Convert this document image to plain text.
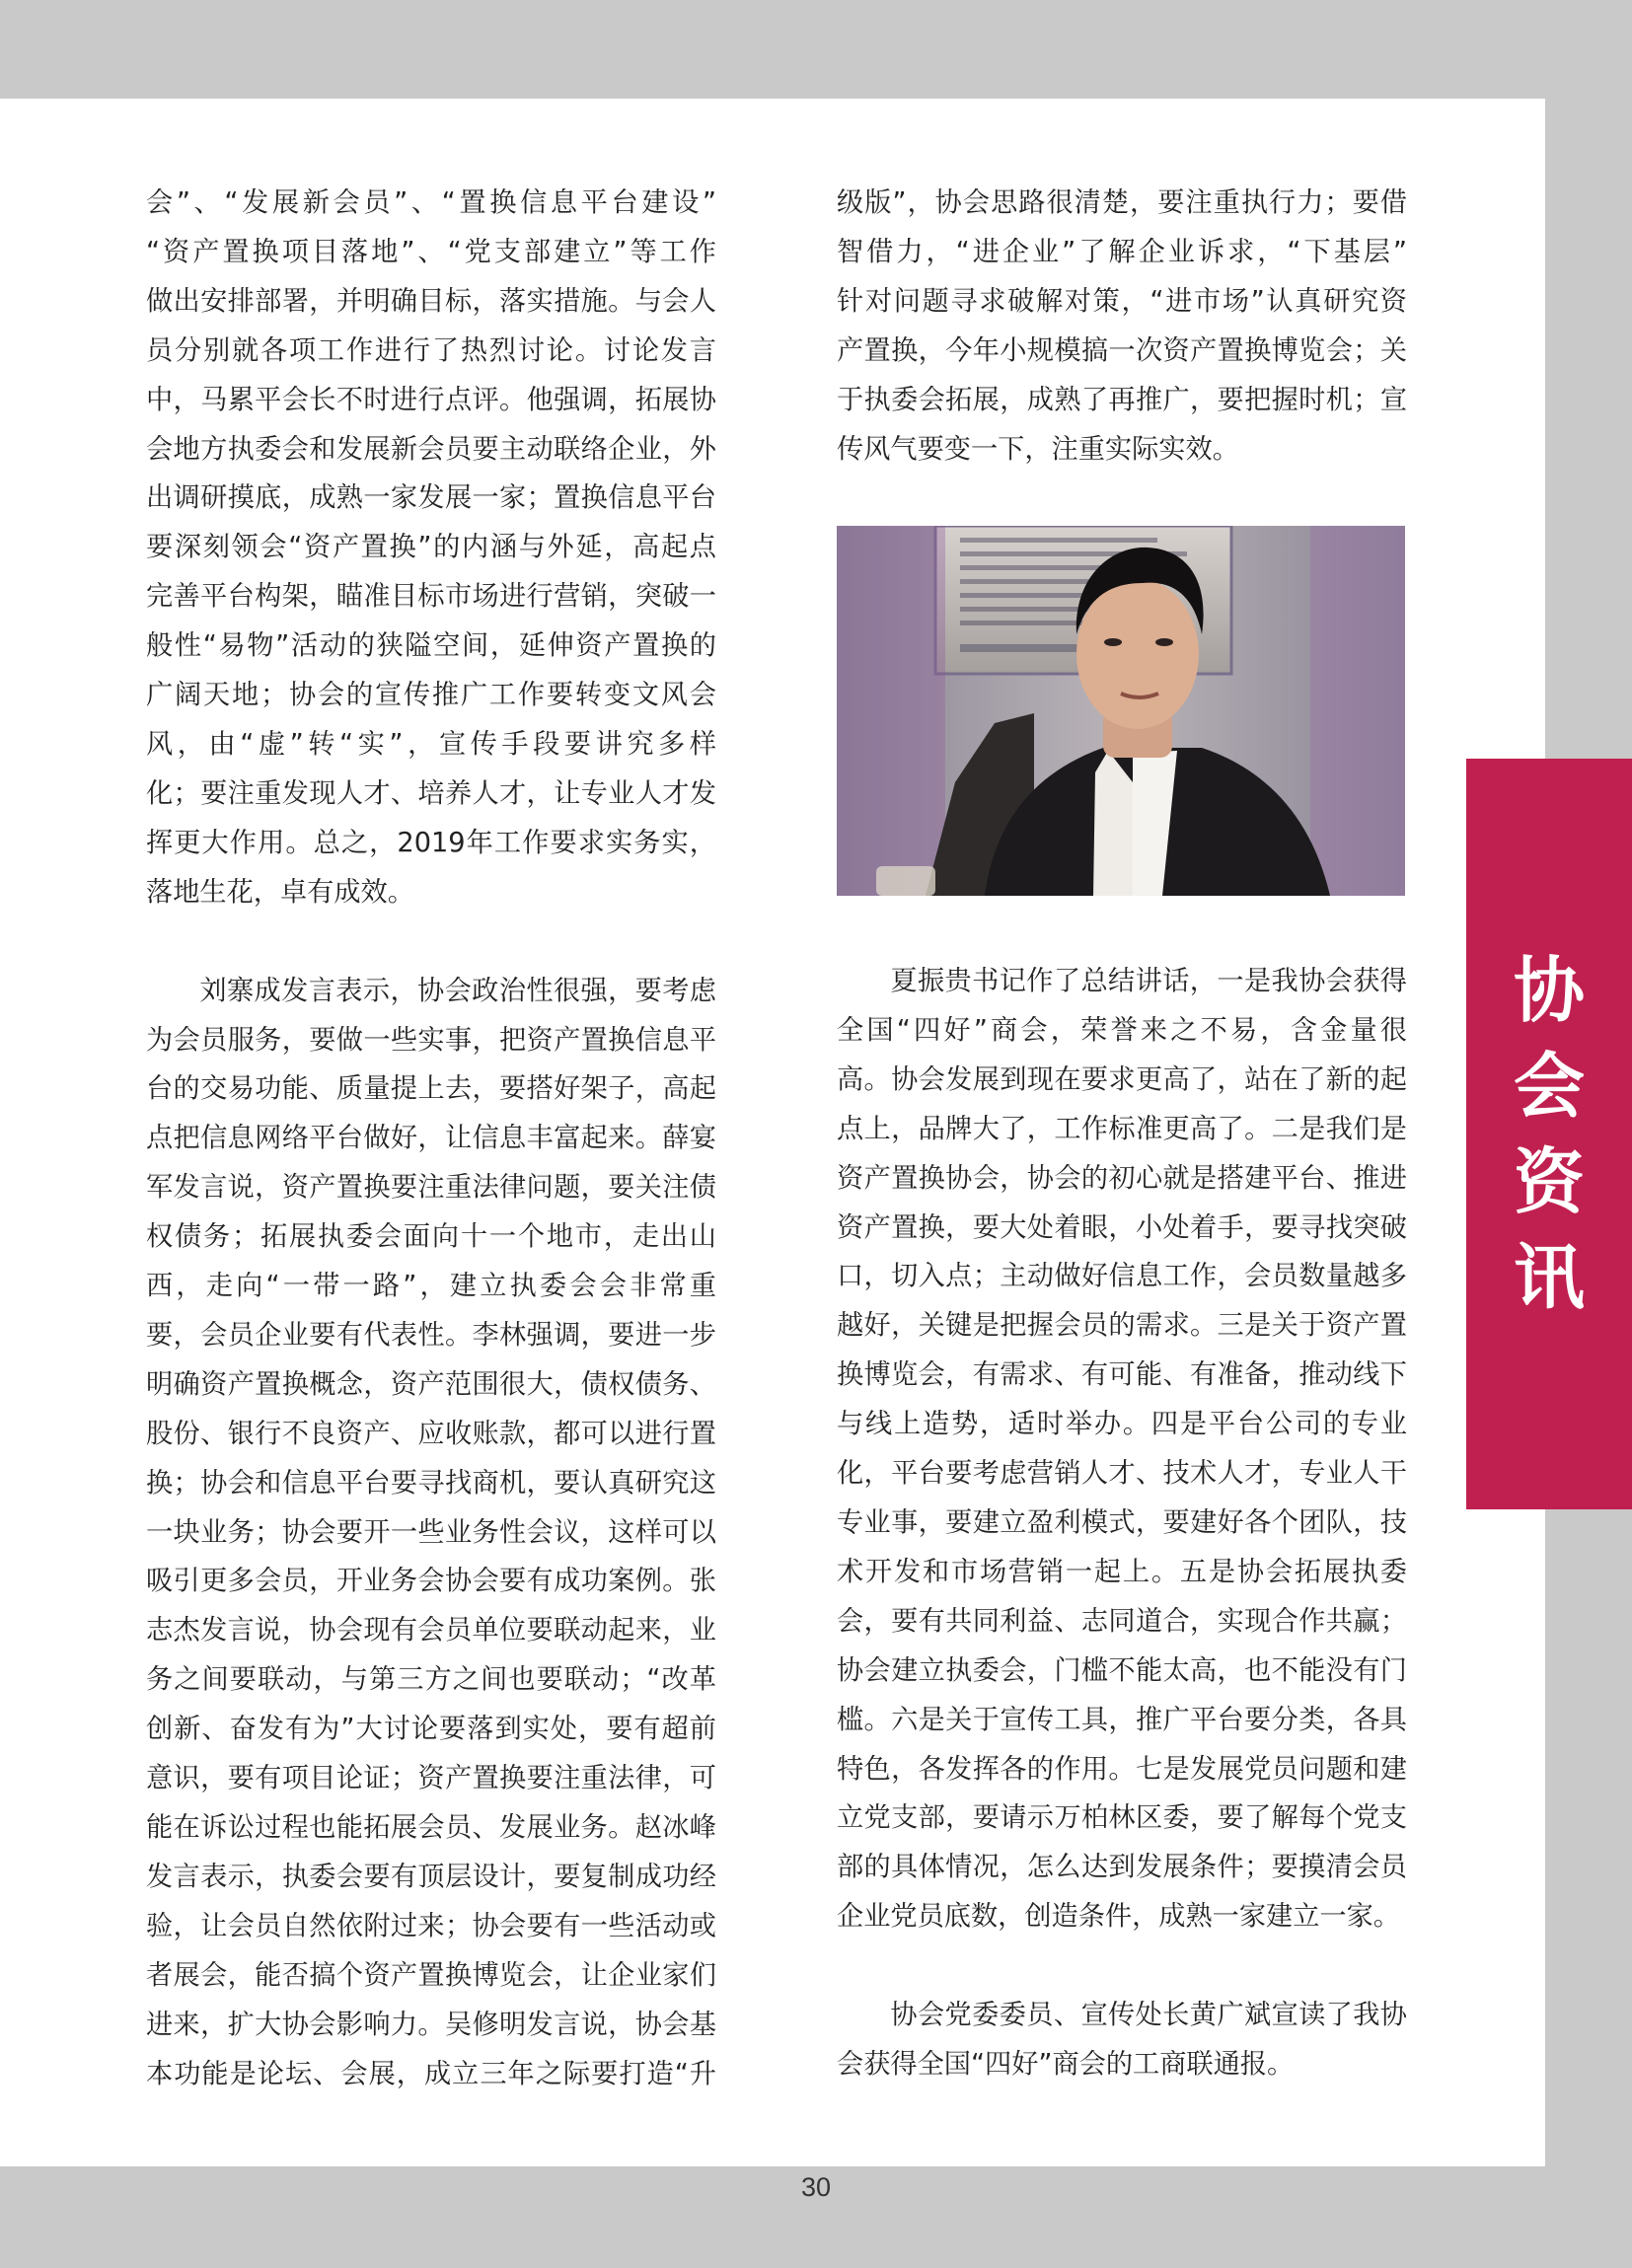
会”、“发展新会员”、“置换信息平台建设”

“资产置换项目落地”、“党支部建立”等工作

做出安排部署，并明确目标，落实措施。与会人

员分别就各项工作进行了热烈讨论。讨论发言

中，马累平会长不时进行点评。他强调，拓展协

会地方执委会和发展新会员要主动联络企业，外

出调研摸底，成熟一家发展一家；置换信息平台

要深刻领会“资产置换”的内涵与外延，高起点

完善平台构架，瞄准目标市场进行营销，突破一

般性“易物”活动的狭隘空间，延伸资产置换的

广阔天地；协会的宣传推广工作要转变文风会

风，由“虚”转“实”，宣传手段要讲究多样

化；要注重发现人才、培养人才，让专业人才发

挥更大作用。总之，2019年工作要求实务实，

落地生花，卓有成效。

刘寨成发言表示，协会政治性很强，要考虑

为会员服务，要做一些实事，把资产置换信息平

台的交易功能、质量提上去，要搭好架子，高起

点把信息网络平台做好，让信息丰富起来。薛宴

军发言说，资产置换要注重法律问题，要关注债

权债务；拓展执委会面向十一个地市，走出山

西，走向“一带一路”，建立执委会会非常重

要，会员企业要有代表性。李林强调，要进一步

明确资产置换概念，资产范围很大，债权债务、

股份、银行不良资产、应收账款，都可以进行置

换；协会和信息平台要寻找商机，要认真研究这

一块业务；协会要开一些业务性会议，这样可以

吸引更多会员，开业务会协会要有成功案例。张

志杰发言说，协会现有会员单位要联动起来，业

务之间要联动，与第三方之间也要联动；“改革

创新、奋发有为”大讨论要落到实处，要有超前

意识，要有项目论证；资产置换要注重法律，可

能在诉讼过程也能拓展会员、发展业务。赵冰峰

发言表示，执委会要有顶层设计，要复制成功经

验，让会员自然依附过来；协会要有一些活动或

者展会，能否搞个资产置换博览会，让企业家们

进来，扩大协会影响力。吴修明发言说，协会基

本功能是论坛、会展，成立三年之际要打造“升

级版”，协会思路很清楚，要注重执行力；要借

智借力，“进企业”了解企业诉求，“下基层”

针对问题寻求破解对策，“进市场”认真研究资

产置换，今年小规模搞一次资产置换博览会；关

于执委会拓展，成熟了再推广，要把握时机；宣

传风气要变一下，注重实际实效。

夏振贵书记作了总结讲话，一是我协会获得

全国“四好”商会，荣誉来之不易，含金量很

高。协会发展到现在要求更高了，站在了新的起

点上，品牌大了，工作标准更高了。二是我们是

资产置换协会，协会的初心就是搭建平台、推进

资产置换，要大处着眼，小处着手，要寻找突破

口，切入点；主动做好信息工作，会员数量越多

越好，关键是把握会员的需求。三是关于资产置

换博览会，有需求、有可能、有准备，推动线下

与线上造势，适时举办。四是平台公司的专业

化，平台要考虑营销人才、技术人才，专业人干

专业事，要建立盈利模式，要建好各个团队，技

术开发和市场营销一起上。五是协会拓展执委

会，要有共同利益、志同道合，实现合作共赢；

协会建立执委会，门槛不能太高，也不能没有门

槛。六是关于宣传工具，推广平台要分类，各具

特色，各发挥各的作用。七是发展党员问题和建

立党支部，要请示万柏林区委，要了解每个党支

部的具体情况，怎么达到发展条件；要摸清会员

企业党员底数，创造条件，成熟一家建立一家。

协会党委委员、宣传处长黄广斌宣读了我协

会获得全国“四好”商会的工商联通报。

协
会
资
讯
30
